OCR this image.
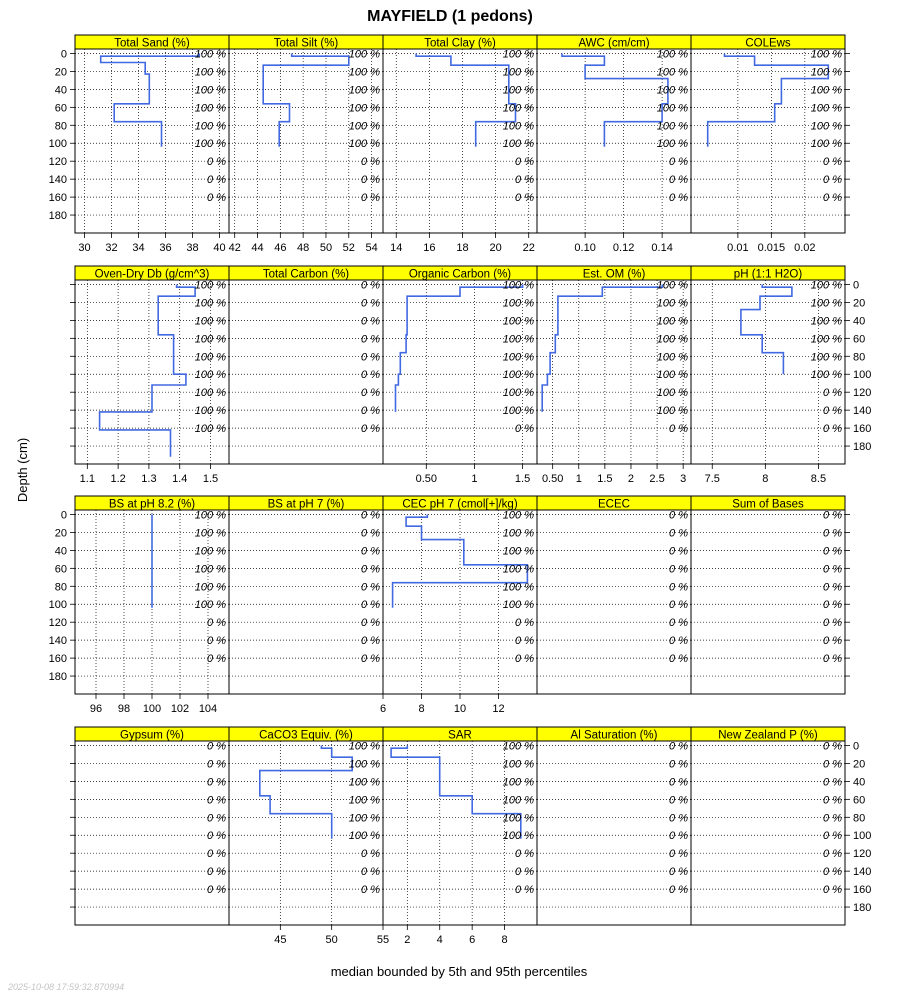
MAYFIELD (1 pedons)
Depth (cm)
median bounded by 5th and 95th percentiles
2025-10-08 17:59:32.870994
Total Sand (%)
100 %
100 %
100 %
100 %
100 %
100 %
0 %
0 %
0 %
30 32 34 36 38 40
Total Silt (%)
100 %
100 %
100 %
100 %
100 %
100 %
0 %
0 %
0 %
42 44 46 48 50 52 54
Total Clay (%)
100 %
100 %
100 %
100 %
100 %
100 %
0 %
0 %
0 %
14 16 18 20 22
AWC (cm/cm)
100 %
100 %
100 %
100 %
100 %
100 %
0 %
0 %
0 %
0.10 0.12 0.14
COLEws
100 %
100 %
100 %
100 %
100 %
100 %
0 %
0 %
0 %
0.01 0.015 0.02
0
20
40
60
80
100
120
140
160
180
Oven-Dry Db (g/cm^3)
100 %
100 %
100 %
100 %
100 %
100 %
100 %
100 %
100 %
1.1 1.2 1.3 1.4 1.5
Total Carbon (%)
0 %
0 %
0 %
0 %
0 %
0 %
0 %
0 %
0 %
Organic Carbon (%)
100 %
100 %
100 %
100 %
100 %
100 %
100 %
100 %
0 %
0.50	1	1.5
Est. OM (%)
100 %
100 %
100 %
100 %
100 %
100 %
100 %
100 %
0 %
0.50 1 1.5 2 2.5 3
pH (1:1 H2O)
100 %
100 %
100 %
100 %
100 %
100 %
0 %
0 %
0 %
7.5	8	8.5
0
20
40
60
80
100
120
140
160
180
BS at pH 8.2 (%)
100 %
100 %
100 %
100 %
100 %
100 %
0 %
0 %
0 %
96 98 100 102 104
BS at pH 7 (%)
0 %
0 %
0 %
0 %
0 %
0 %
0 %
0 %
0 %
CEC pH 7 (cmol[+]/kg)
100 %
100 %
100 %
100 %
100 %
100 %
0 %
0 %
0 %
6	8	10 12
ECEC
0 %
0 %
0 %
0 %
0 %
0 %
0 %
0 %
0 %
Sum of Bases
0 %
0 %
0 %
0 %
0 %
0 %
0 %
0 %
0 %
0
20
40
60
80
100
120
140
160
180
Gypsum (%)
0 %
0 %
0 %
0 %
0 %
0 %
0 %
0 %
0 %
CaCO3 Equiv. (%)
100 %
100 %
100 %
100 %
100 %
100 %
0 %
0 %
0 %
45	50	55
SAR
100 %
100 %
100 %
100 %
100 %
100 %
0 %
0 %
0 %
2 4 6 8
Al Saturation (%)
0 %
0 %
0 %
0 %
0 %
0 %
0 %
0 %
0 %
New Zealand P (%)
0 %
0 %
0 %
0 %
0 %
0 %
0 %
0 %
0 %
0
20
40
60
80
100
120
140
160
180
